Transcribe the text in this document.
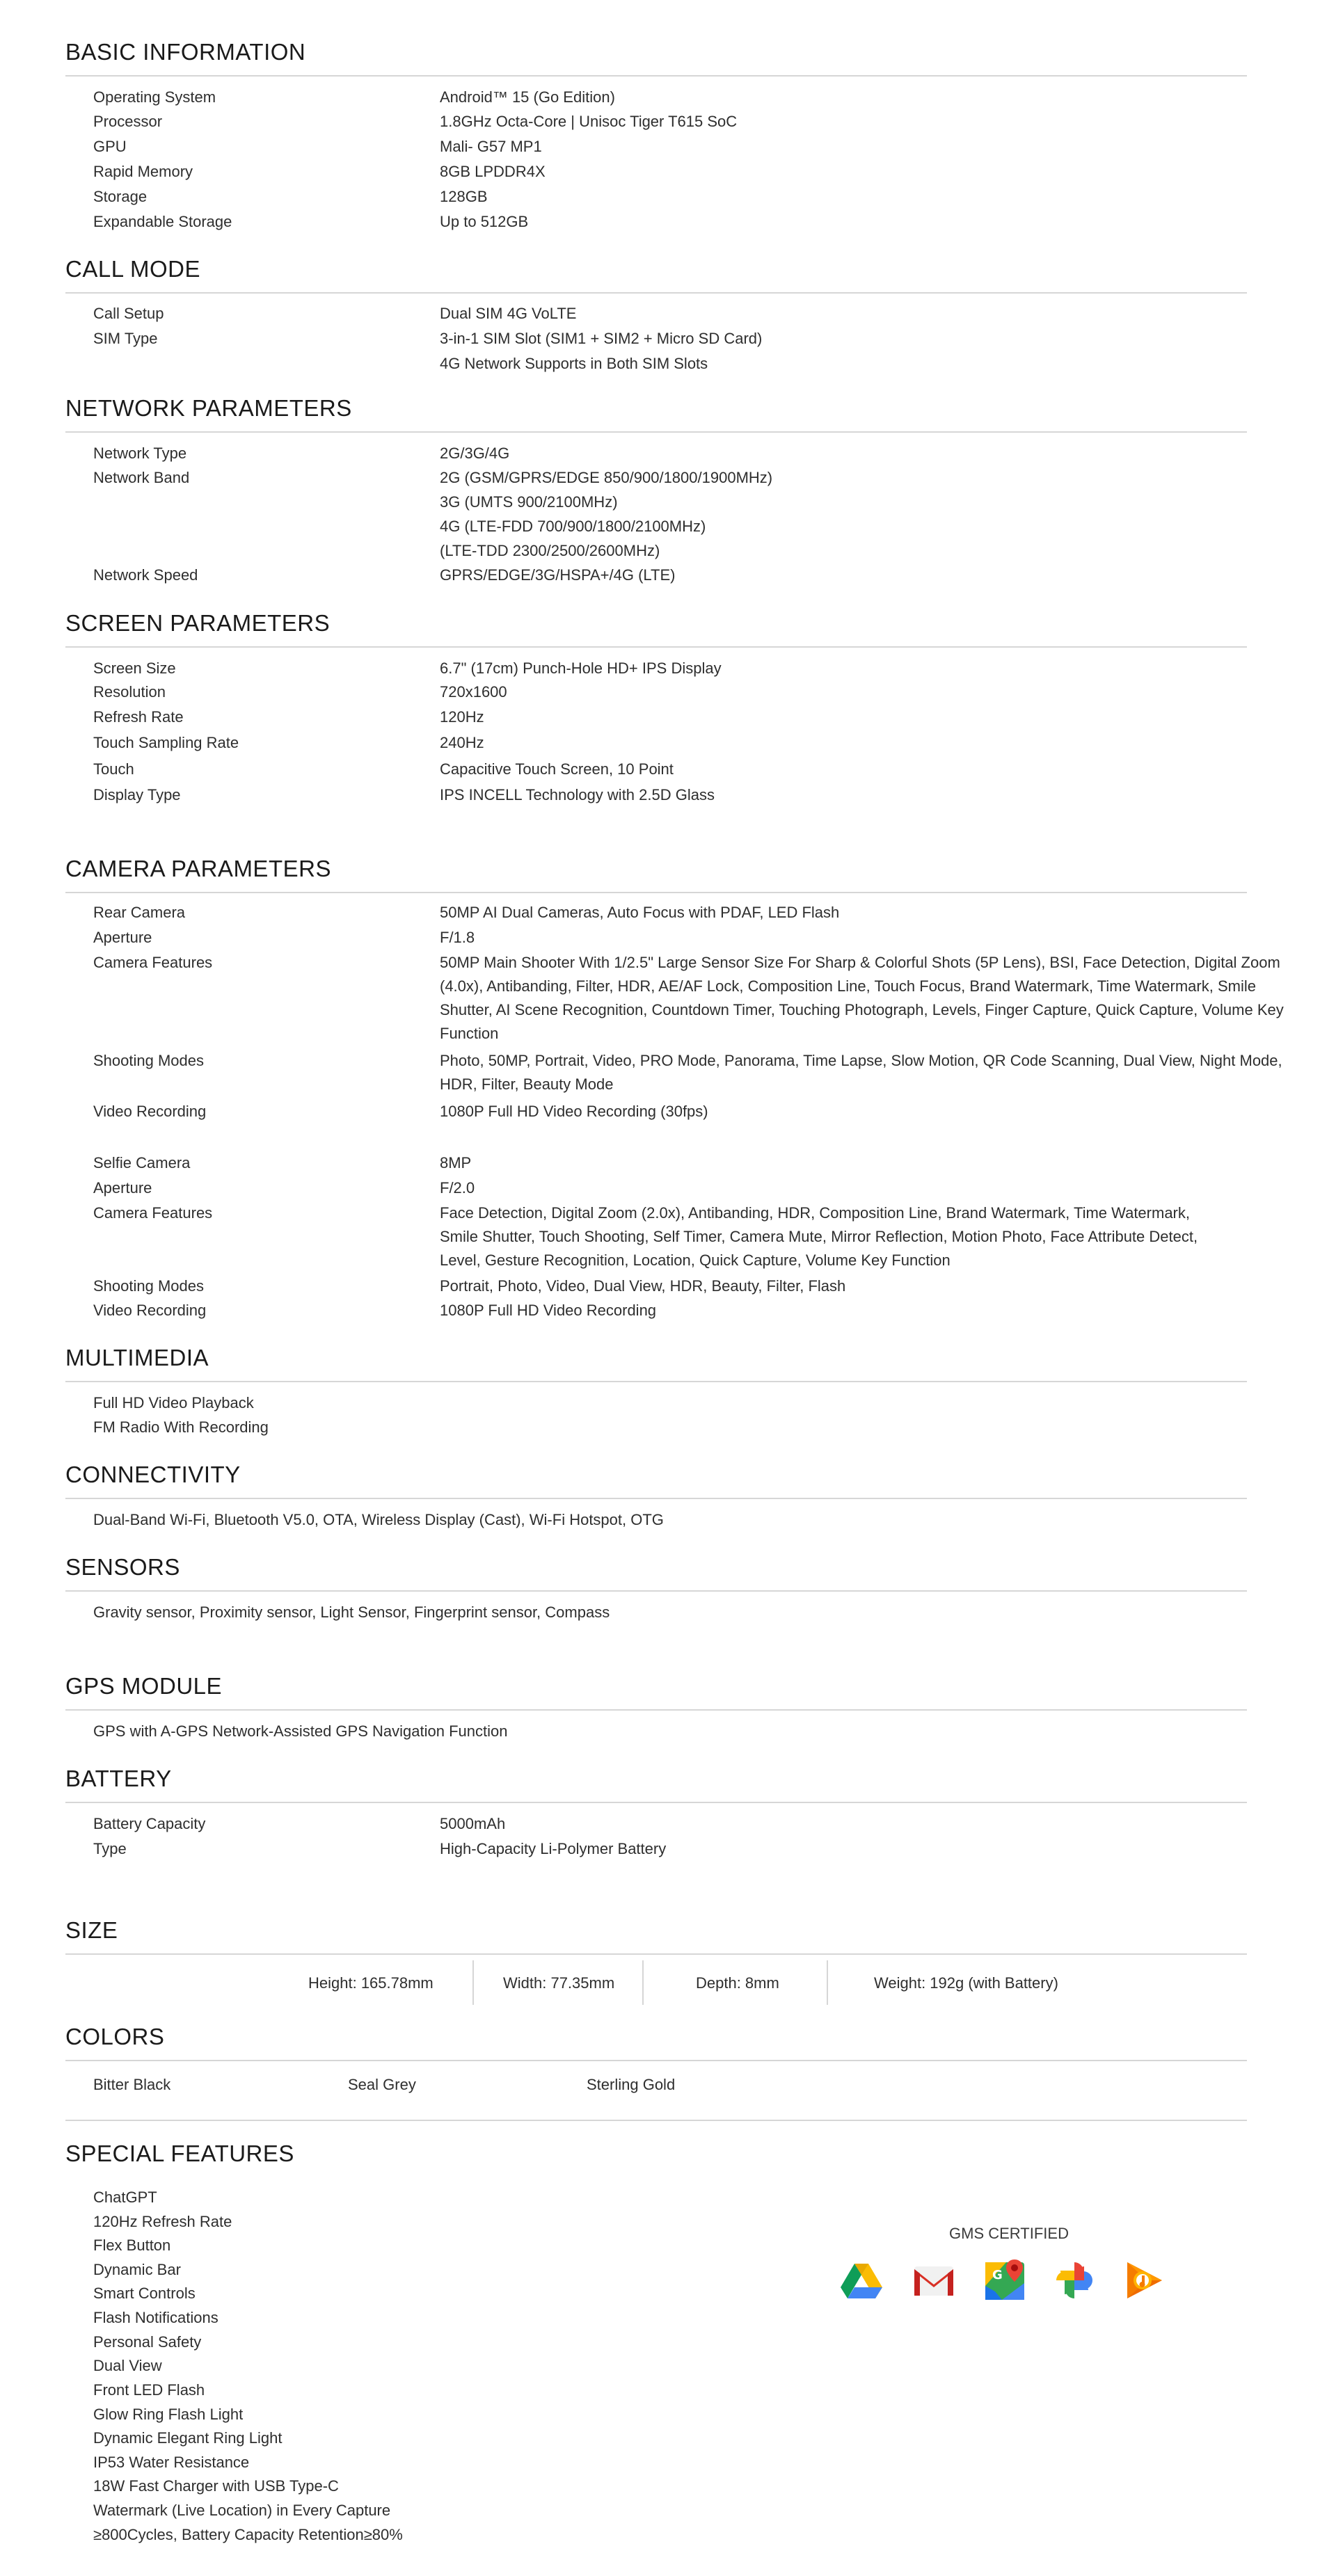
BASIC INFORMATION
Operating System	Android™ 15 (Go Edition)
Processor	1.8GHz Octa-Core | Unisoc Tiger T615 SoC
GPU	Mali- G57 MP1
Rapid Memory	8GB LPDDR4X
Storage	128GB
Expandable Storage	Up to 512GB
CALL MODE
Call Setup	Dual SIM 4G VoLTE
SIM Type	3-in-1 SIM Slot (SIM1 + SIM2 + Micro SD Card)
4G Network Supports in Both SIM Slots
NETWORK PARAMETERS
Network Type	2G/3G/4G
Network Band	2G (GSM/GPRS/EDGE 850/900/1800/1900MHz)
3G (UMTS 900/2100MHz)
4G (LTE-FDD 700/900/1800/2100MHz)
(LTE-TDD 2300/2500/2600MHz)
Network Speed	GPRS/EDGE/3G/HSPA+/4G (LTE)
SCREEN PARAMETERS
Screen Size	6.7" (17cm) Punch-Hole HD+ IPS Display
Resolution	720x1600
Refresh Rate	120Hz
Touch Sampling Rate	240Hz
Touch	Capacitive Touch Screen, 10 Point
Display Type	IPS INCELL Technology with 2.5D Glass
CAMERA PARAMETERS
Rear Camera	50MP AI Dual Cameras, Auto Focus with PDAF, LED Flash
Aperture	F/1.8
Camera Features	50MP Main Shooter With 1/2.5" Large Sensor Size For Sharp & Colorful Shots (5P Lens), BSI, Face Detection, Digital Zoom (4.0x), Antibanding, Filter, HDR, AE/AF Lock, Composition Line, Touch Focus, Brand Watermark, Time Watermark, Smile Shutter, AI Scene Recognition, Countdown Timer, Touching Photograph, Levels, Finger Capture, Quick Capture, Volume Key Function
Shooting Modes	Photo, 50MP, Portrait, Video, PRO Mode, Panorama, Time Lapse, Slow Motion, QR Code Scanning, Dual View, Night Mode, HDR, Filter, Beauty Mode
Video Recording	1080P Full HD Video Recording (30fps)
Selfie Camera	8MP
Aperture	F/2.0
Camera Features	Face Detection, Digital Zoom (2.0x), Antibanding, HDR, Composition Line, Brand Watermark, Time Watermark, Smile Shutter, Touch Shooting, Self Timer, Camera Mute, Mirror Reflection, Motion Photo, Face Attribute Detect, Level, Gesture Recognition, Location, Quick Capture, Volume Key Function
Shooting Modes	Portrait, Photo, Video, Dual View, HDR, Beauty, Filter, Flash
Video Recording	1080P Full HD Video Recording
MULTIMEDIA
Full HD Video Playback
FM Radio With Recording
CONNECTIVITY
Dual-Band Wi-Fi, Bluetooth V5.0, OTA, Wireless Display (Cast), Wi-Fi Hotspot, OTG
SENSORS
Gravity sensor, Proximity sensor, Light Sensor, Fingerprint sensor, Compass
GPS MODULE
GPS with A-GPS Network-Assisted GPS Navigation Function
BATTERY
Battery Capacity	5000mAh
Type	High-Capacity Li-Polymer Battery
SIZE
Height: 165.78mm	Width: 77.35mm	Depth: 8mm	Weight: 192g (with Battery)
COLORS
Bitter Black	Seal Grey	Sterling Gold
SPECIAL FEATURES
ChatGPT
120Hz Refresh Rate
Flex Button
Dynamic Bar
Smart Controls
Flash Notifications
Personal Safety
Dual View
Front LED Flash
Glow Ring Flash Light
Dynamic Elegant Ring Light
IP53 Water Resistance
18W Fast Charger with USB Type-C
Watermark (Live Location) in Every Capture
≥800Cycles, Battery Capacity Retention≥80%
GMS CERTIFIED
G
